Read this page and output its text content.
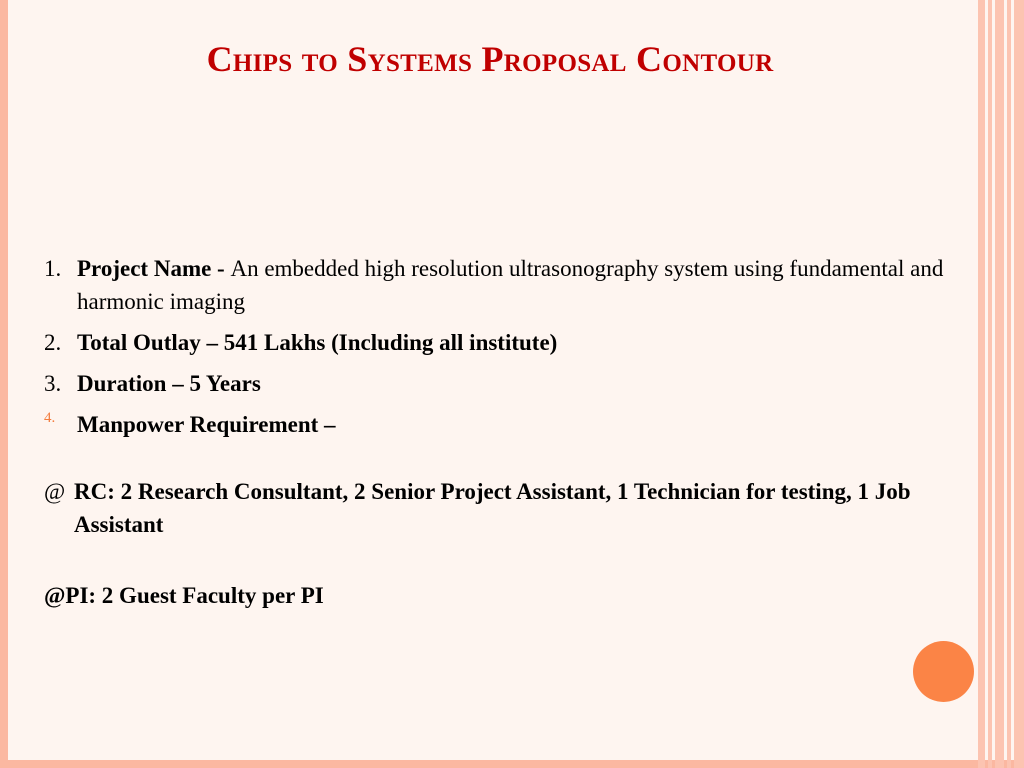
Chips to Systems Proposal Contour
1. Project Name - An embedded high resolution ultrasonography system using fundamental and harmonic imaging
2. Total Outlay – 541 Lakhs (Including all institute)
3. Duration – 5 Years
4. Manpower Requirement –
@ RC: 2 Research Consultant, 2 Senior Project Assistant, 1 Technician for testing, 1 Job Assistant
@PI: 2 Guest Faculty per PI
